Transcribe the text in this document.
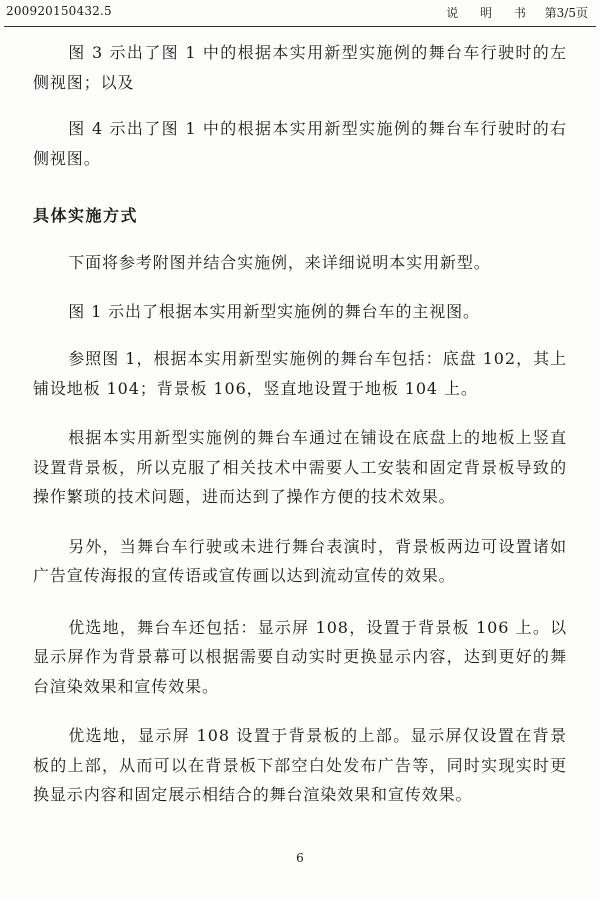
200920150432.5	说 明 书 第3/5页

图 3 示出了图 1 中的根据本实用新型实施例的舞台车行驶时的左侧视图；以及

图 4 示出了图 1 中的根据本实用新型实施例的舞台车行驶时的右侧视图。

具体实施方式

下面将参考附图并结合实施例，来详细说明本实用新型。

图 1 示出了根据本实用新型实施例的舞台车的主视图。

参照图 1，根据本实用新型实施例的舞台车包括：底盘 102，其上铺设地板 104；背景板 106，竖直地设置于地板 104 上。

根据本实用新型实施例的舞台车通过在铺设在底盘上的地板上竖直设置背景板，所以克服了相关技术中需要人工安装和固定背景板导致的操作繁琐的技术问题，进而达到了操作方便的技术效果。

另外，当舞台车行驶或未进行舞台表演时，背景板两边可设置诸如广告宣传海报的宣传语或宣传画以达到流动宣传的效果。

优选地，舞台车还包括：显示屏 108，设置于背景板 106 上。以显示屏作为背景幕可以根据需要自动实时更换显示内容，达到更好的舞台渲染效果和宣传效果。

优选地，显示屏 108 设置于背景板的上部。显示屏仅设置在背景板的上部，从而可以在背景板下部空白处发布广告等，同时实现实时更换显示内容和固定展示相结合的舞台渲染效果和宣传效果。

6
